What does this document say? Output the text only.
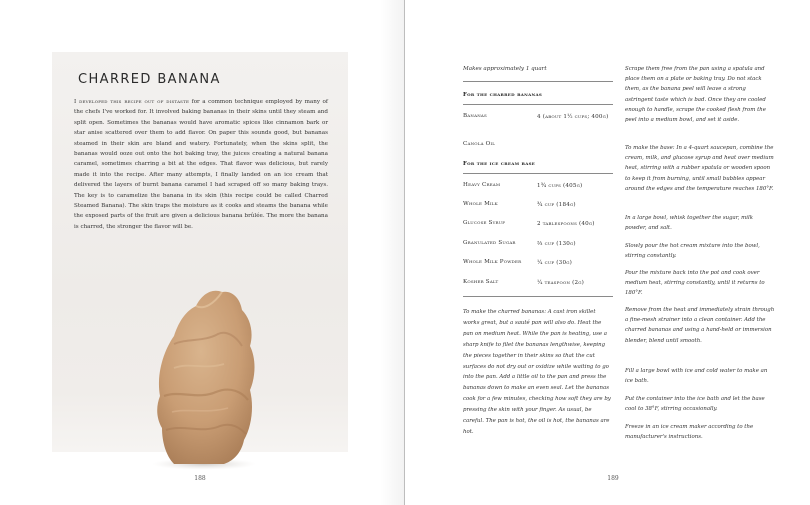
CHARRED BANANA

I developed this recipe out of distaste for a common technique employed by many of the chefs I've worked for. It involved baking bananas in their skins until they steam and split open. Sometimes the bananas would have aromatic spices like cinnamon bark or star anise scattered over them to add flavor. On paper this sounds good, but bananas steamed in their skin are bland and watery. Fortunately, when the skins split, the bananas would ooze out onto the hot baking tray, the juices creating a natural banana caramel, sometimes charring a bit at the edges. That flavor was delicious, but rarely made it into the recipe. After many attempts, I finally landed on an ice cream that delivered the layers of burnt banana caramel I had scraped off so many baking trays. The key is to caramelize the banana in its skin (this recipe could be called Charred Steamed Banana). The skin traps the moisture as it cooks and steams the banana while the exposed parts of the fruit are given a delicious banana brûlée. The more the banana is charred, the stronger the flavor will be.

188

Makes approximately 1 quart

For the charred bananas

Bananas	4 (about 1½ cups; 400g)
Canola Oil

For the ice cream base

Heavy Cream	1¾ cups (405g)
Whole Milk	¾ cup (184g)
Glucose Syrup	2 tablespoons (40g)
Granulated Sugar	⅔ cup (130g)
Whole Milk Powder	¼ cup (30g)
Kosher Salt	¼ teaspoon (2g)

To make the charred bananas: A cast iron skillet works great, but a sauté pan will also do. Heat the pan on medium heat. While the pan is heating, use a sharp knife to filet the bananas lengthwise, keeping the pieces together in their skins so that the cut surfaces do not dry out or oxidize while waiting to go into the pan. Add a little oil to the pan and press the bananas down to make an even seal. Let the bananas cook for a few minutes, checking how soft they are by pressing the skin with your finger. As usual, be careful. The pan is hot, the oil is hot, the bananas are hot.

Scrape them free from the pan using a spatula and place them on a plate or baking tray. Do not stack them, as the banana peel will leave a strong astringent taste which is bad. Once they are cooled enough to handle, scrape the cooked flesh from the peel into a medium bowl, and set it aside.

To make the base: In a 4-quart saucepan, combine the cream, milk, and glucose syrup and heat over medium heat, stirring with a rubber spatula or wooden spoon to keep it from burning, until small bubbles appear around the edges and the temperature reaches 180°F.

In a large bowl, whisk together the sugar, milk powder, and salt.

Slowly pour the hot cream mixture into the bowl, stirring constantly.

Pour the mixture back into the pot and cook over medium heat, stirring constantly, until it returns to 180°F.

Remove from the heat and immediately strain through a fine-mesh strainer into a clean container. Add the charred bananas and using a hand-held or immersion blender, blend until smooth.

Fill a large bowl with ice and cold water to make an ice bath.

Put the container into the ice bath and let the base cool to 38°F, stirring occasionally.

Freeze in an ice cream maker according to the manufacturer's instructions.

189
